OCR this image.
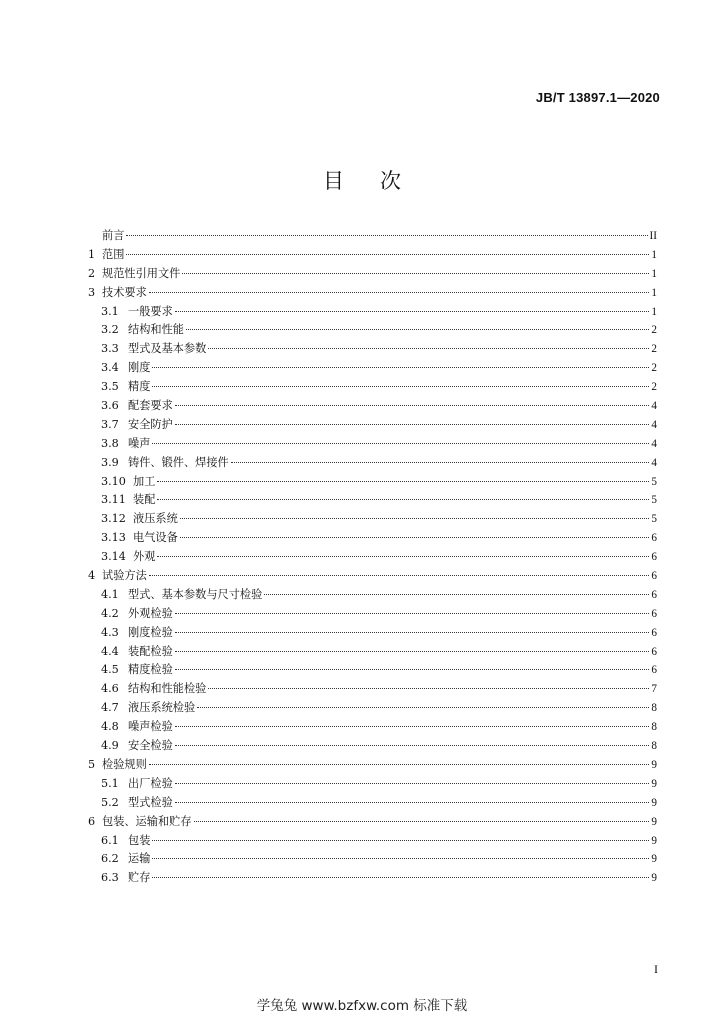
JB/T 13897.1—2020
目次
前言	II
1 范围	1
2 规范性引用文件	1
3 技术要求	1
3.1 一般要求	1
3.2 结构和性能	2
3.3 型式及基本参数	2
3.4 刚度	2
3.5 精度	2
3.6 配套要求	4
3.7 安全防护	4
3.8 噪声	4
3.9 铸件、锻件、焊接件	4
3.10 加工	5
3.11 装配	5
3.12 液压系统	5
3.13 电气设备	6
3.14 外观	6
4 试验方法	6
4.1 型式、基本参数与尺寸检验	6
4.2 外观检验	6
4.3 刚度检验	6
4.4 装配检验	6
4.5 精度检验	6
4.6 结构和性能检验	7
4.7 液压系统检验	8
4.8 噪声检验	8
4.9 安全检验	8
5 检验规则	9
5.1 出厂检验	9
5.2 型式检验	9
6 包装、运输和贮存	9
6.1 包装	9
6.2 运输	9
6.3 贮存	9
I
学兔兔 www.bzfxw.com 标准下载
